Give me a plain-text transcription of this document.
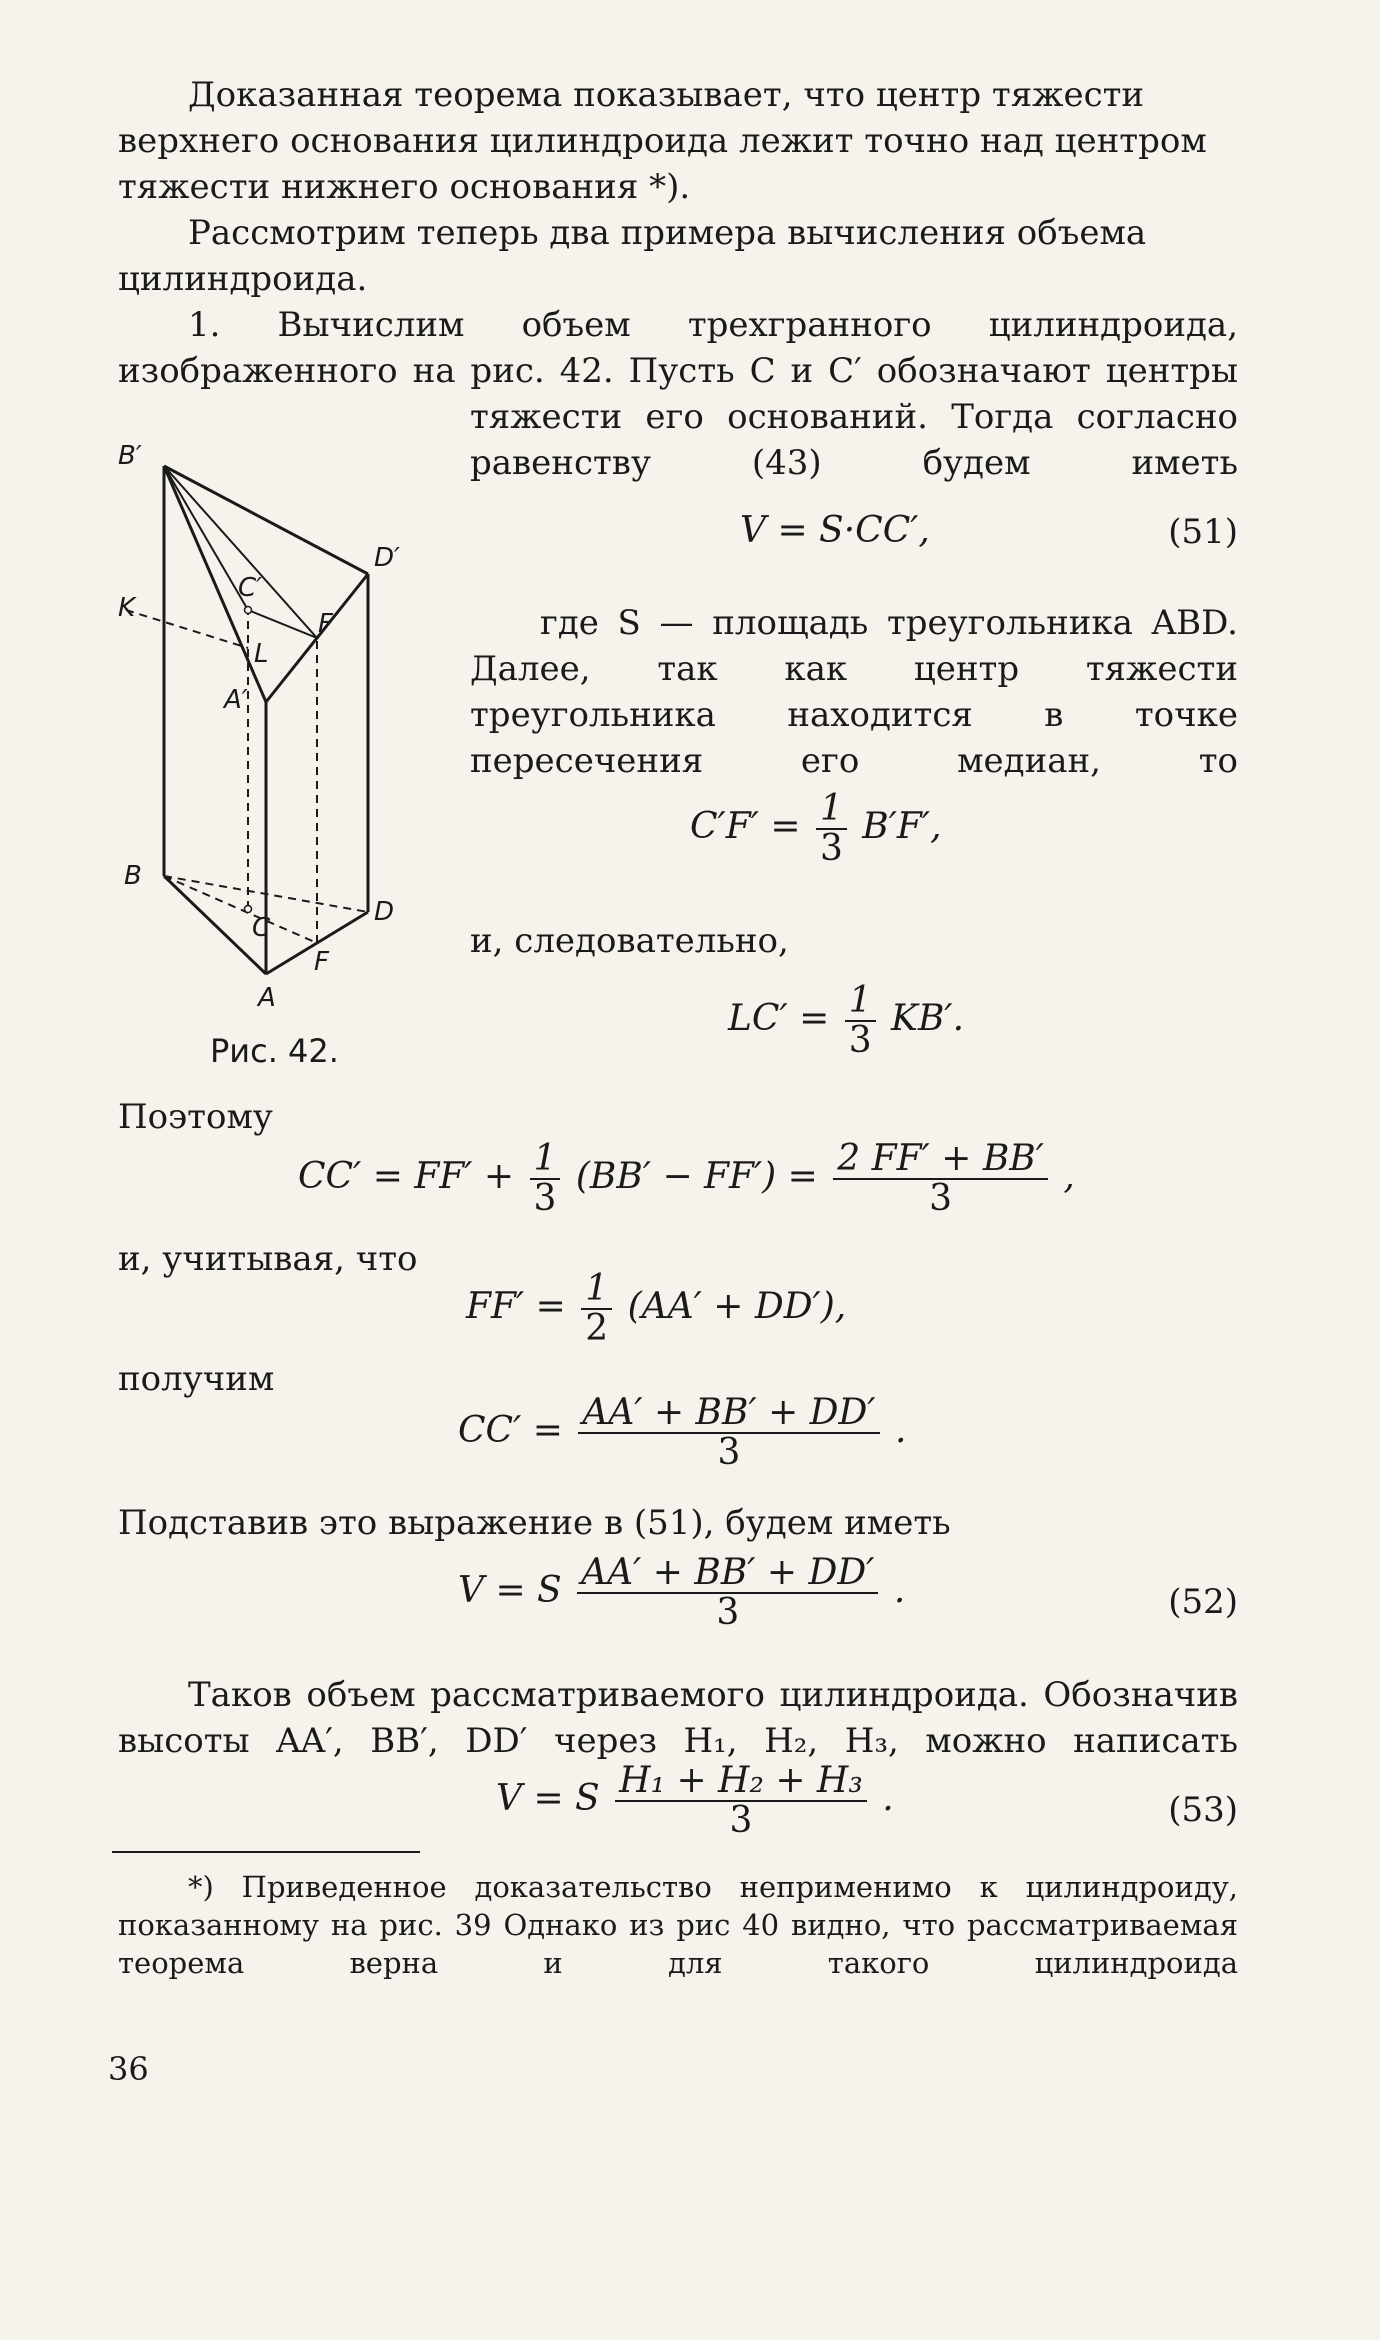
Доказанная теорема показывает, что центр тяжести верхнего основания цилиндроида лежит точно над центром тяжести нижнего основания *).

Рассмотрим теперь два примера вычисления объема цилиндроида.

1. Вычислим объем трехгранного цилиндроида, изображенного на рис. 42. Пусть C и C′ обозначают центры

тяжести его оснований. Тогда согласно равенству (43) будем иметь

V = S·CC′,	(51)

где S — площадь треугольника ABD. Далее, так как центр тяжести треугольника находится в точке пересечения его медиан, то

$C'F' = \frac{1}{3} B'F'$,

и, следовательно,

$LC' = \frac{1}{3} KB'$.
B′
C′
D′
K
L
F′
A′
B
C
D
F
A
Рис. 42.

Поэтому

$CC' = FF' + \frac{1}{3} (BB' - FF') = \frac{2 FF' + BB'}{3}$ ,

и, учитывая, что

$FF' = \frac{1}{2} (AA' + DD')$,

получим

$CC' = \frac{AA' + BB' + DD'}{3}$ .

Подставив это выражение в (51), будем иметь

V = S $\frac{AA' + BB' + DD'}{3}$ .	(52)

Таков объем рассматриваемого цилиндроида. Обозначив высоты AA′, BB′, DD′ через H₁, H₂, H₃, можно написать

V = S $\frac{\text{H₁ + H₂ + H₃}}{3}$ .	(53)

*) Приведенное доказательство неприменимо к цилиндроиду, показанному на рис. 39 Однако из рис 40 видно, что рассматриваемая теорема верна и для такого цилиндроида

36
